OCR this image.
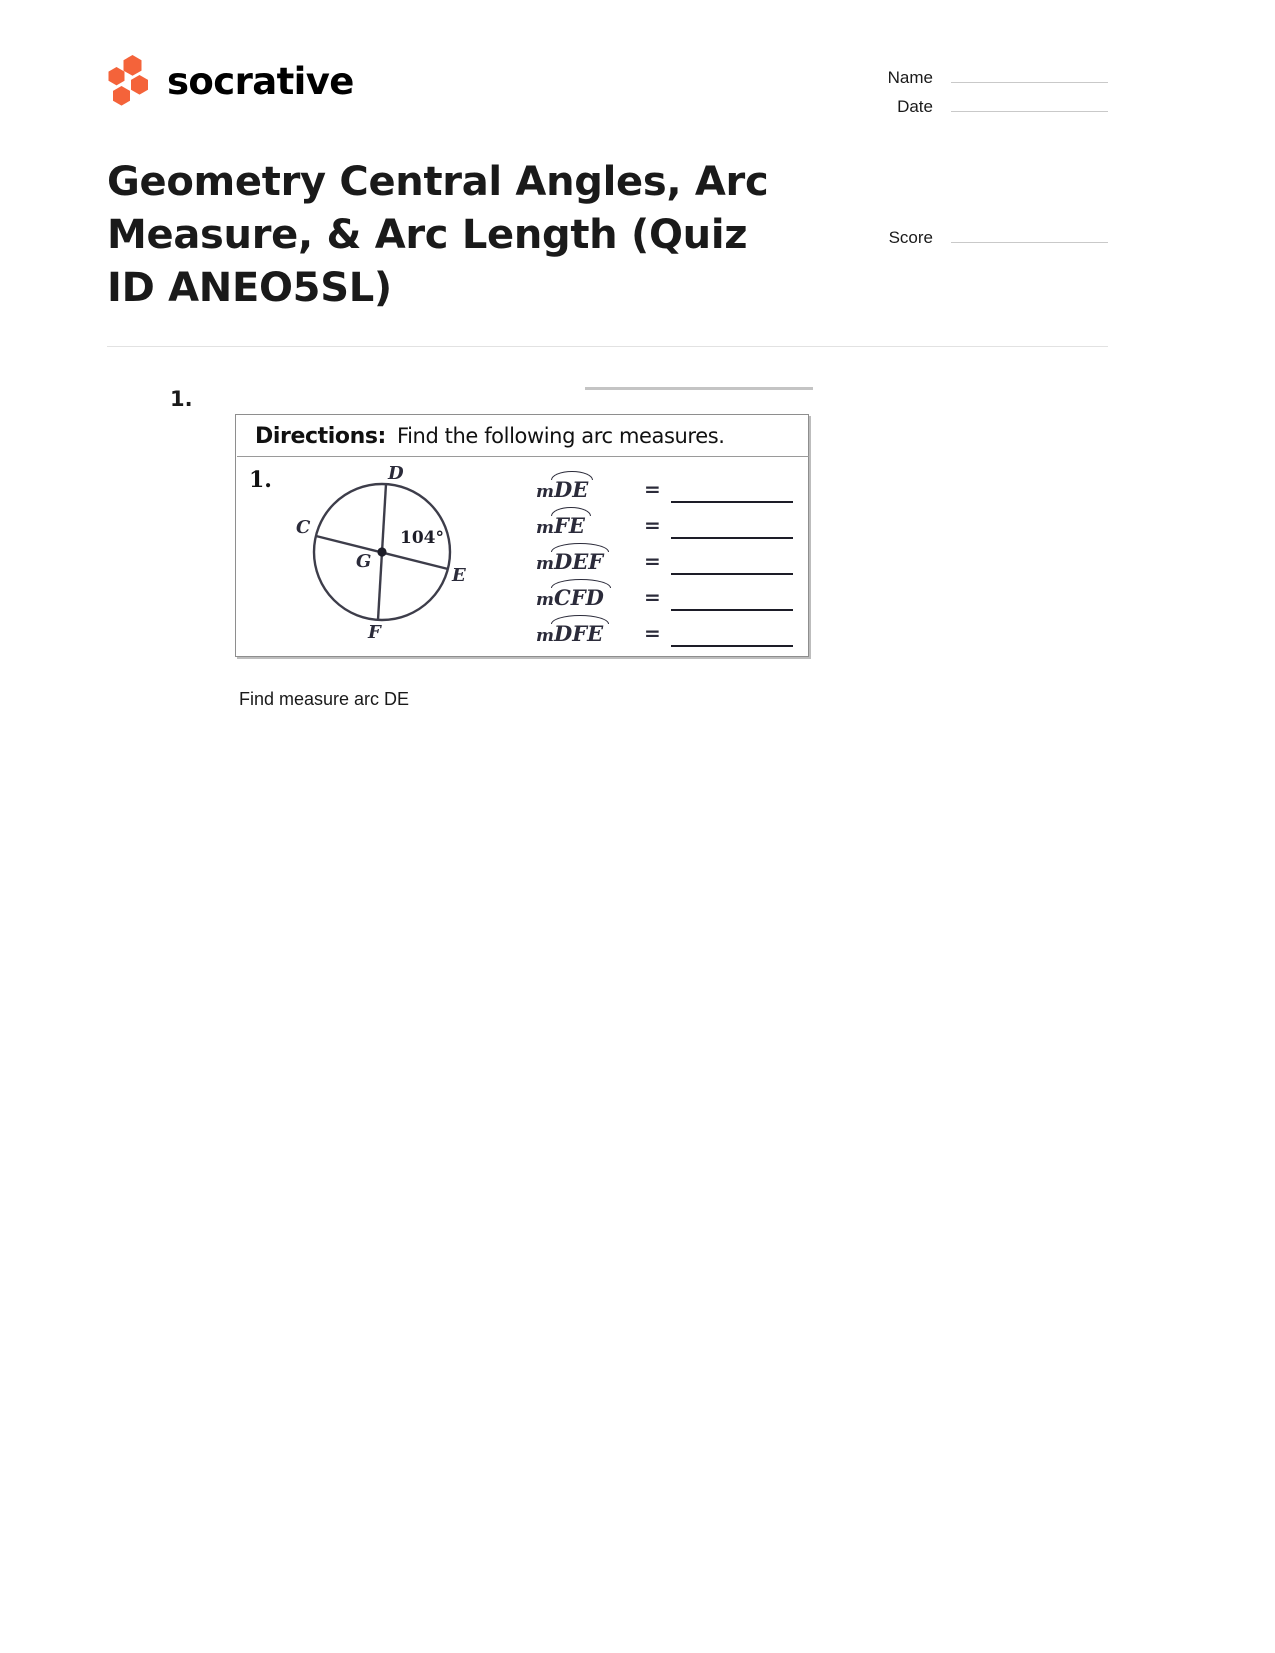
socrative	Name
Date
Geometry Central Angles, Arc Measure, & Arc Length (Quiz ID ANEO5SL)
Score
1.
Directions: Find the following arc measures.
1.	D
C
E
F
G
104°
mDE	=
mFE	=
mDEF	=
mCFD	=
mDFE	=
Find measure arc DE
